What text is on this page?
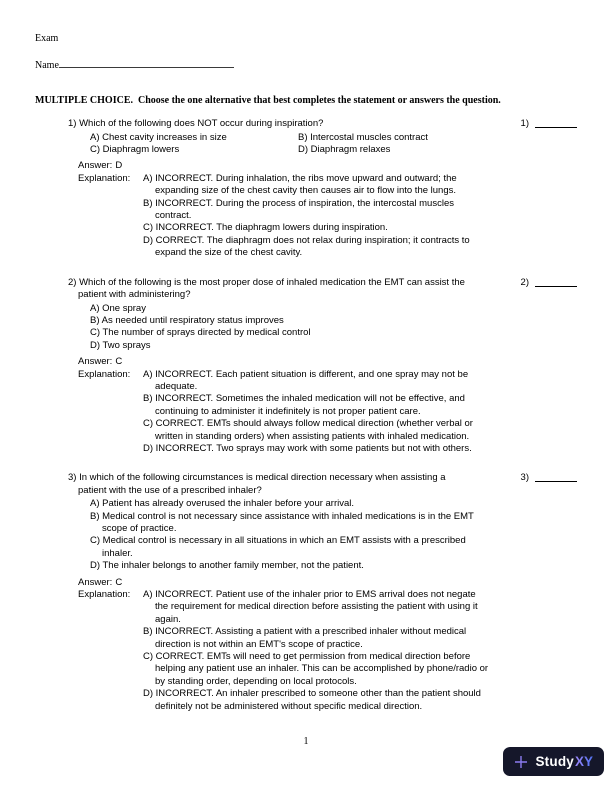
Exam
Name
MULTIPLE CHOICE.  Choose the one alternative that best completes the statement or answers the question.
1) Which of the following does NOT occur during inspiration?	1)
A) Chest cavity increases in size	B) Intercostal muscles contract
C) Diaphragm lowers	D) Diaphragm relaxes
Answer: D
Explanation:	A) INCORRECT. During inhalation, the ribs move upward and outward; the expanding size of the chest cavity then causes air to flow into the lungs.
B) INCORRECT. During the process of inspiration, the intercostal muscles contract.
C) INCORRECT. The diaphragm lowers during inspiration.
D) CORRECT. The diaphragm does not relax during inspiration; it contracts to expand the size of the chest cavity.
2) Which of the following is the most proper dose of inhaled medication the EMT can assist the patient with administering?
2)
A) One spray
B) As needed until respiratory status improves
C) The number of sprays directed by medical control
D) Two sprays
Answer: C
Explanation:	A) INCORRECT. Each patient situation is different, and one spray may not be adequate.
B) INCORRECT. Sometimes the inhaled medication will not be effective, and continuing to administer it indefinitely is not proper patient care.
C) CORRECT. EMTs should always follow medical direction (whether verbal or written in standing orders) when assisting patients with inhaled medication.
D) INCORRECT. Two sprays may work with some patients but not with others.
3) In which of the following circumstances is medical direction necessary when assisting a patient with the use of a prescribed inhaler?
3)
A) Patient has already overused the inhaler before your arrival.
B) Medical control is not necessary since assistance with inhaled medications is in the EMT scope of practice.
C) Medical control is necessary in all situations in which an EMT assists with a prescribed inhaler.
D) The inhaler belongs to another family member, not the patient.
Answer: C
Explanation:	A) INCORRECT. Patient use of the inhaler prior to EMS arrival does not negate the requirement for medical direction before assisting the patient with using it again.
B) INCORRECT. Assisting a patient with a prescribed inhaler without medical direction is not within an EMT's scope of practice.
C) CORRECT. EMTs will need to get permission from medical direction before helping any patient use an inhaler. This can be accomplished by phone/radio or by standing order, depending on local protocols.
D) INCORRECT. An inhaler prescribed to someone other than the patient should definitely not be administered without specific medical direction.
1
Study XY
